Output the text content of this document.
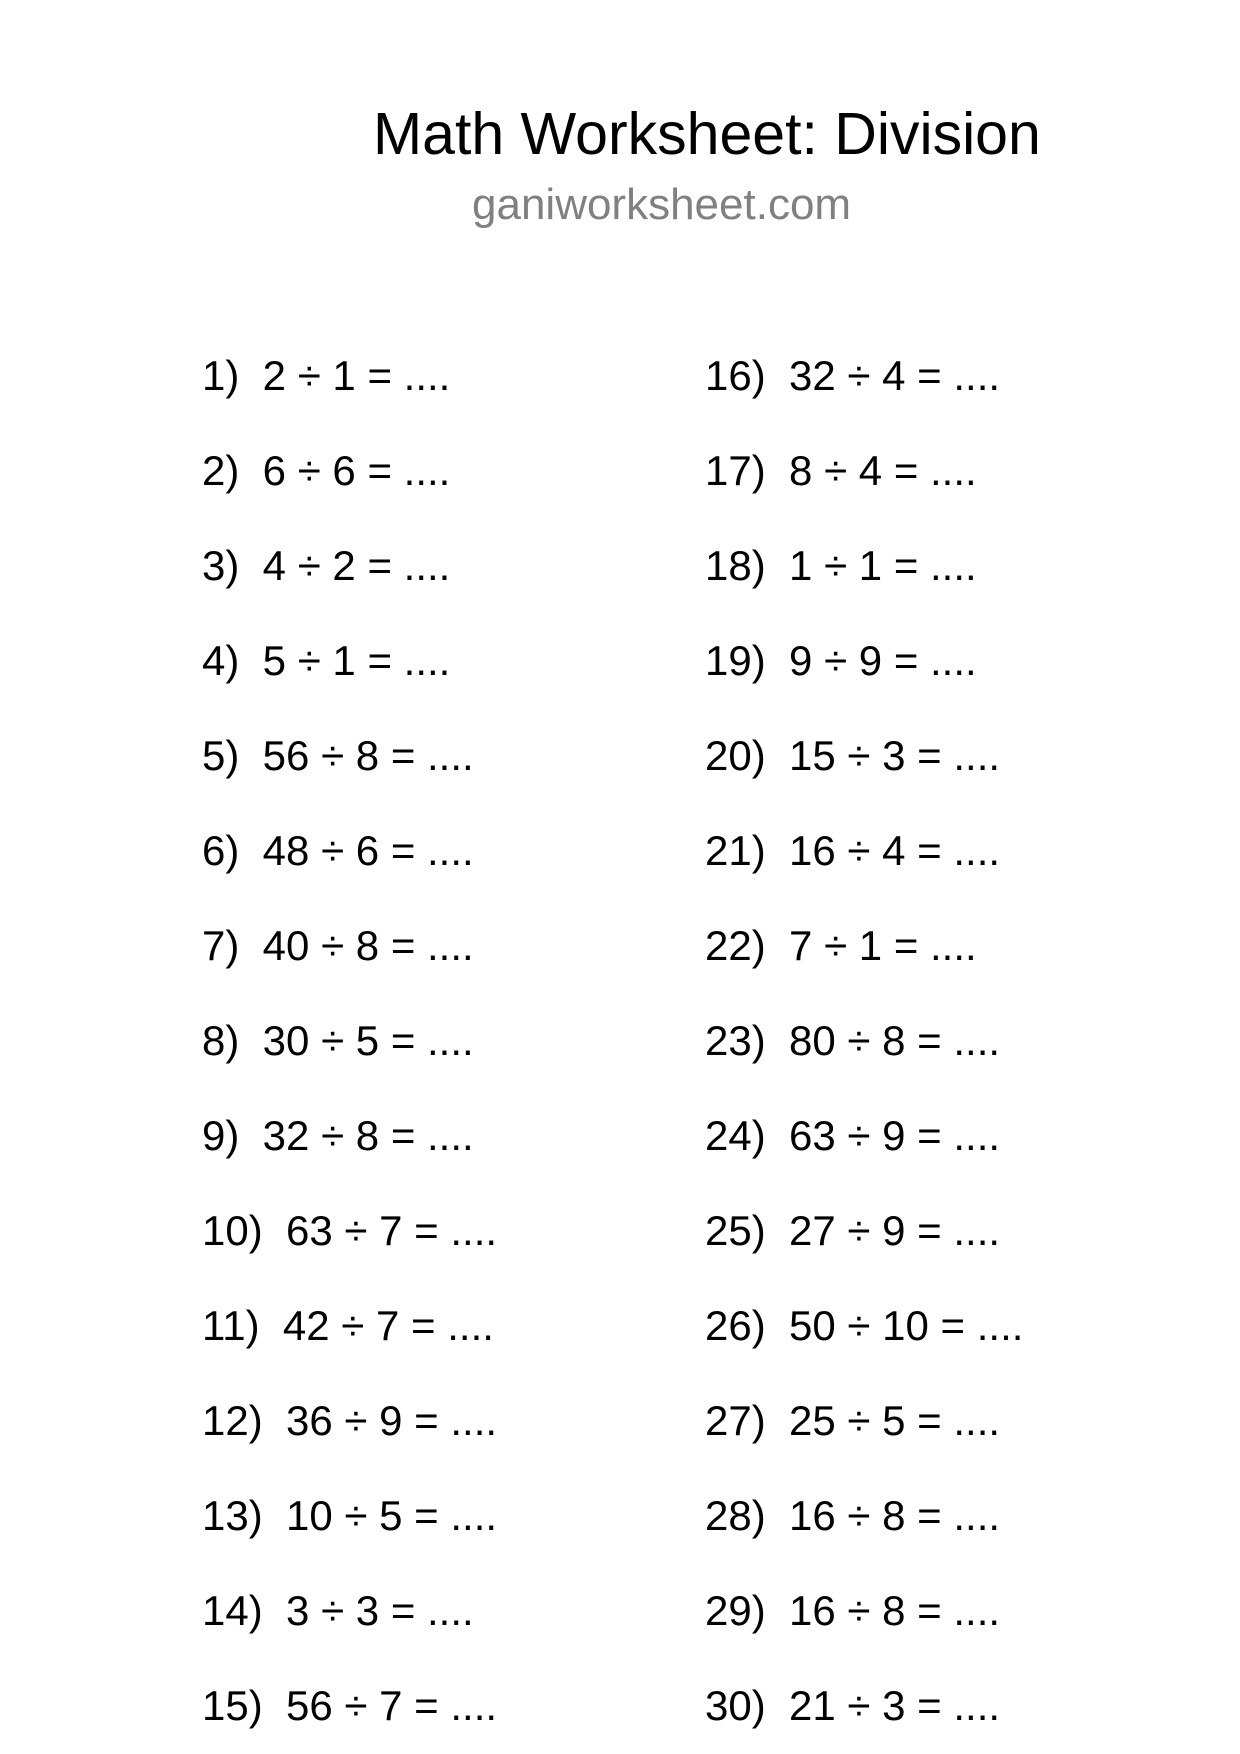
Math Worksheet: Division
ganiworksheet.com
1)  2 ÷ 1 = ....
2)  6 ÷ 6 = ....
3)  4 ÷ 2 = ....
4)  5 ÷ 1 = ....
5)  56 ÷ 8 = ....
6)  48 ÷ 6 = ....
7)  40 ÷ 8 = ....
8)  30 ÷ 5 = ....
9)  32 ÷ 8 = ....
10)  63 ÷ 7 = ....
11)  42 ÷ 7 = ....
12)  36 ÷ 9 = ....
13)  10 ÷ 5 = ....
14)  3 ÷ 3 = ....
15)  56 ÷ 7 = ....
16)  32 ÷ 4 = ....
17)  8 ÷ 4 = ....
18)  1 ÷ 1 = ....
19)  9 ÷ 9 = ....
20)  15 ÷ 3 = ....
21)  16 ÷ 4 = ....
22)  7 ÷ 1 = ....
23)  80 ÷ 8 = ....
24)  63 ÷ 9 = ....
25)  27 ÷ 9 = ....
26)  50 ÷ 10 = ....
27)  25 ÷ 5 = ....
28)  16 ÷ 8 = ....
29)  16 ÷ 8 = ....
30)  21 ÷ 3 = ....
